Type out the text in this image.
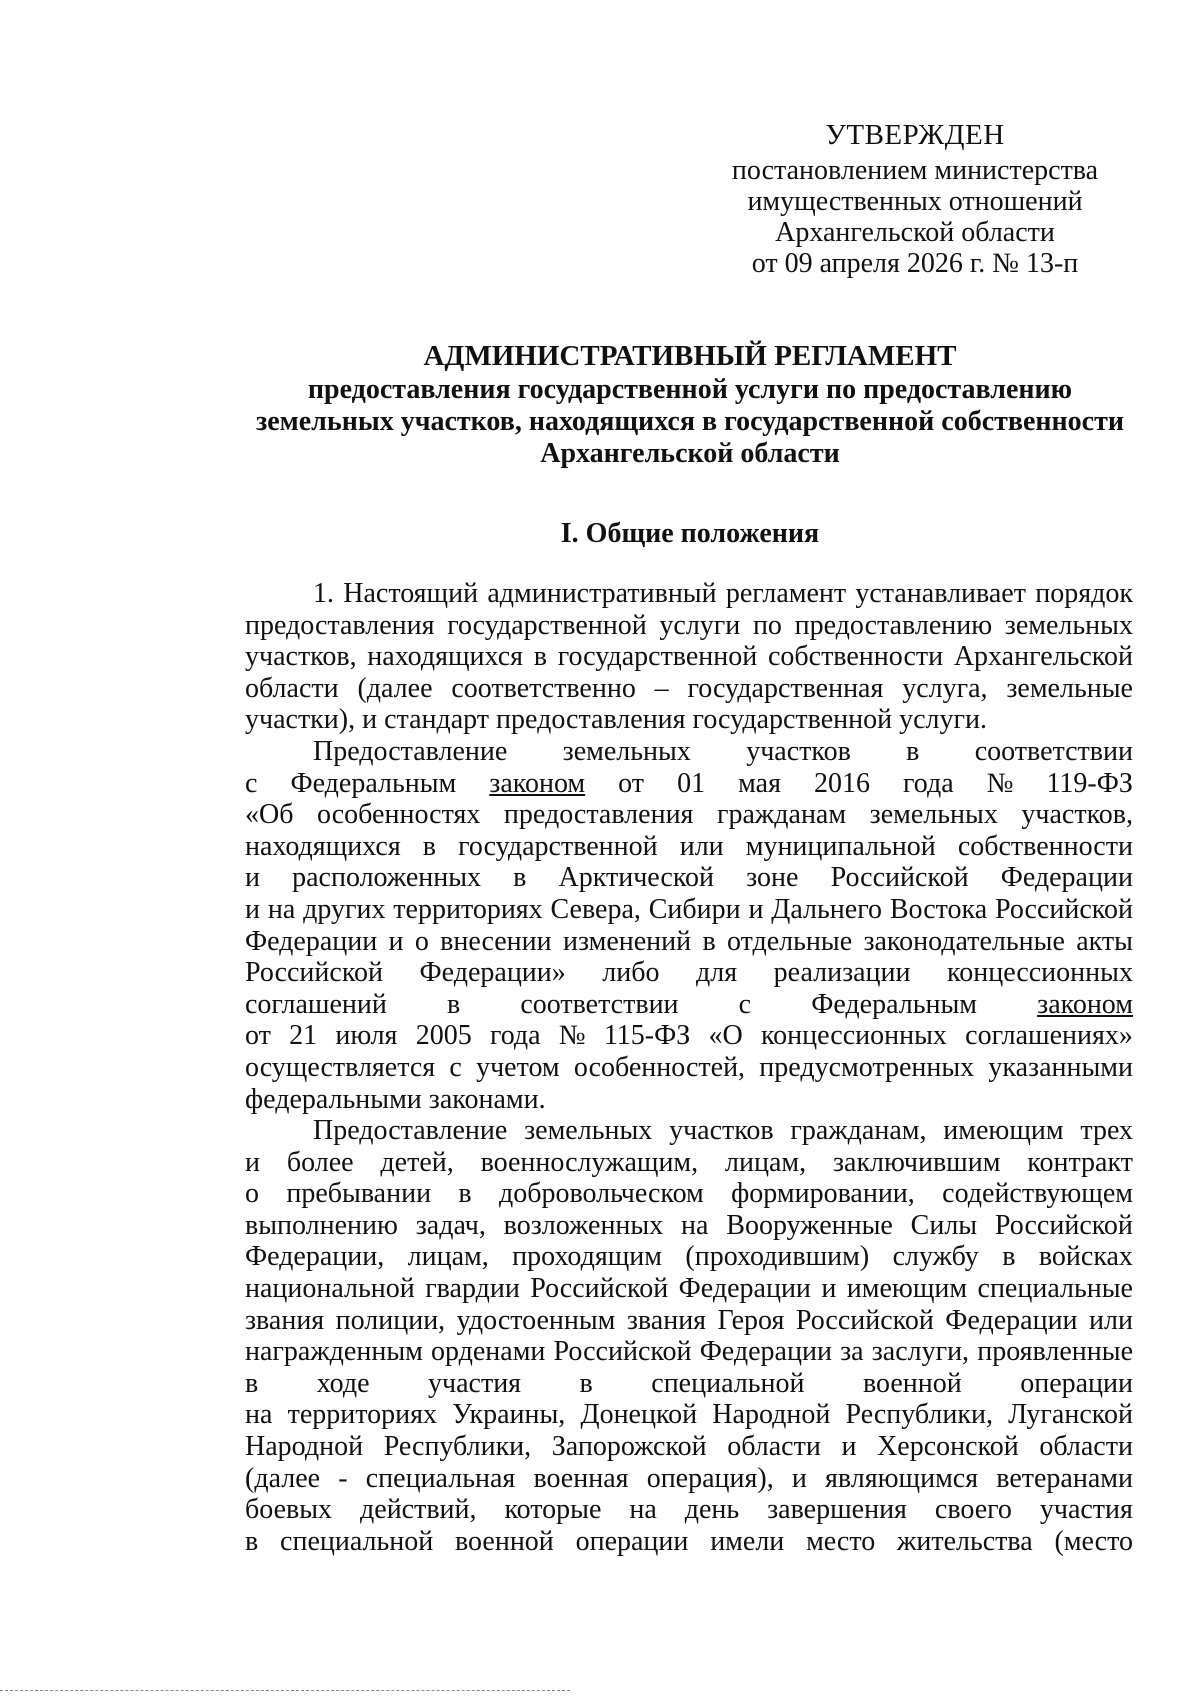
УТВЕРЖДЕН
постановлением министерства
имущественных отношений
Архангельской области
от 09 апреля 2026 г. № 13-п
АДМИНИСТРАТИВНЫЙ РЕГЛАМЕНТ
предоставления государственной услуги по предоставлению
земельных участков, находящихся в государственной собственности
Архангельской области
I. Общие положения
1. Настоящий административный регламент устанавливает порядок
предоставления государственной услуги по предоставлению земельных
участков, находящихся в государственной собственности Архангельской
области (далее соответственно – государственная услуга, земельные
участки), и стандарт предоставления государственной услуги.
Предоставление земельных участков в соответствии
с Федеральным законом от 01 мая 2016 года № 119-ФЗ
«Об особенностях предоставления гражданам земельных участков,
находящихся в государственной или муниципальной собственности
и расположенных в Арктической зоне Российской Федерации
и на других территориях Севера, Сибири и Дальнего Востока Российской
Федерации и о внесении изменений в отдельные законодательные акты
Российской Федерации» либо для реализации концессионных
соглашений в соответствии с Федеральным законом
от 21 июля 2005 года № 115-ФЗ «О концессионных соглашениях»
осуществляется с учетом особенностей, предусмотренных указанными
федеральными законами.
Предоставление земельных участков гражданам, имеющим трех
и более детей, военнослужащим, лицам, заключившим контракт
о пребывании в добровольческом формировании, содействующем
выполнению задач, возложенных на Вооруженные Силы Российской
Федерации, лицам, проходящим (проходившим) службу в войсках
национальной гвардии Российской Федерации и имеющим специальные
звания полиции, удостоенным звания Героя Российской Федерации или
награжденным орденами Российской Федерации за заслуги, проявленные
в ходе участия в специальной военной операции
на территориях Украины, Донецкой Народной Республики, Луганской
Народной Республики, Запорожской области и Херсонской области
(далее - специальная военная операция), и являющимся ветеранами
боевых действий, которые на день завершения своего участия
в специальной военной операции имели место жительства (место
